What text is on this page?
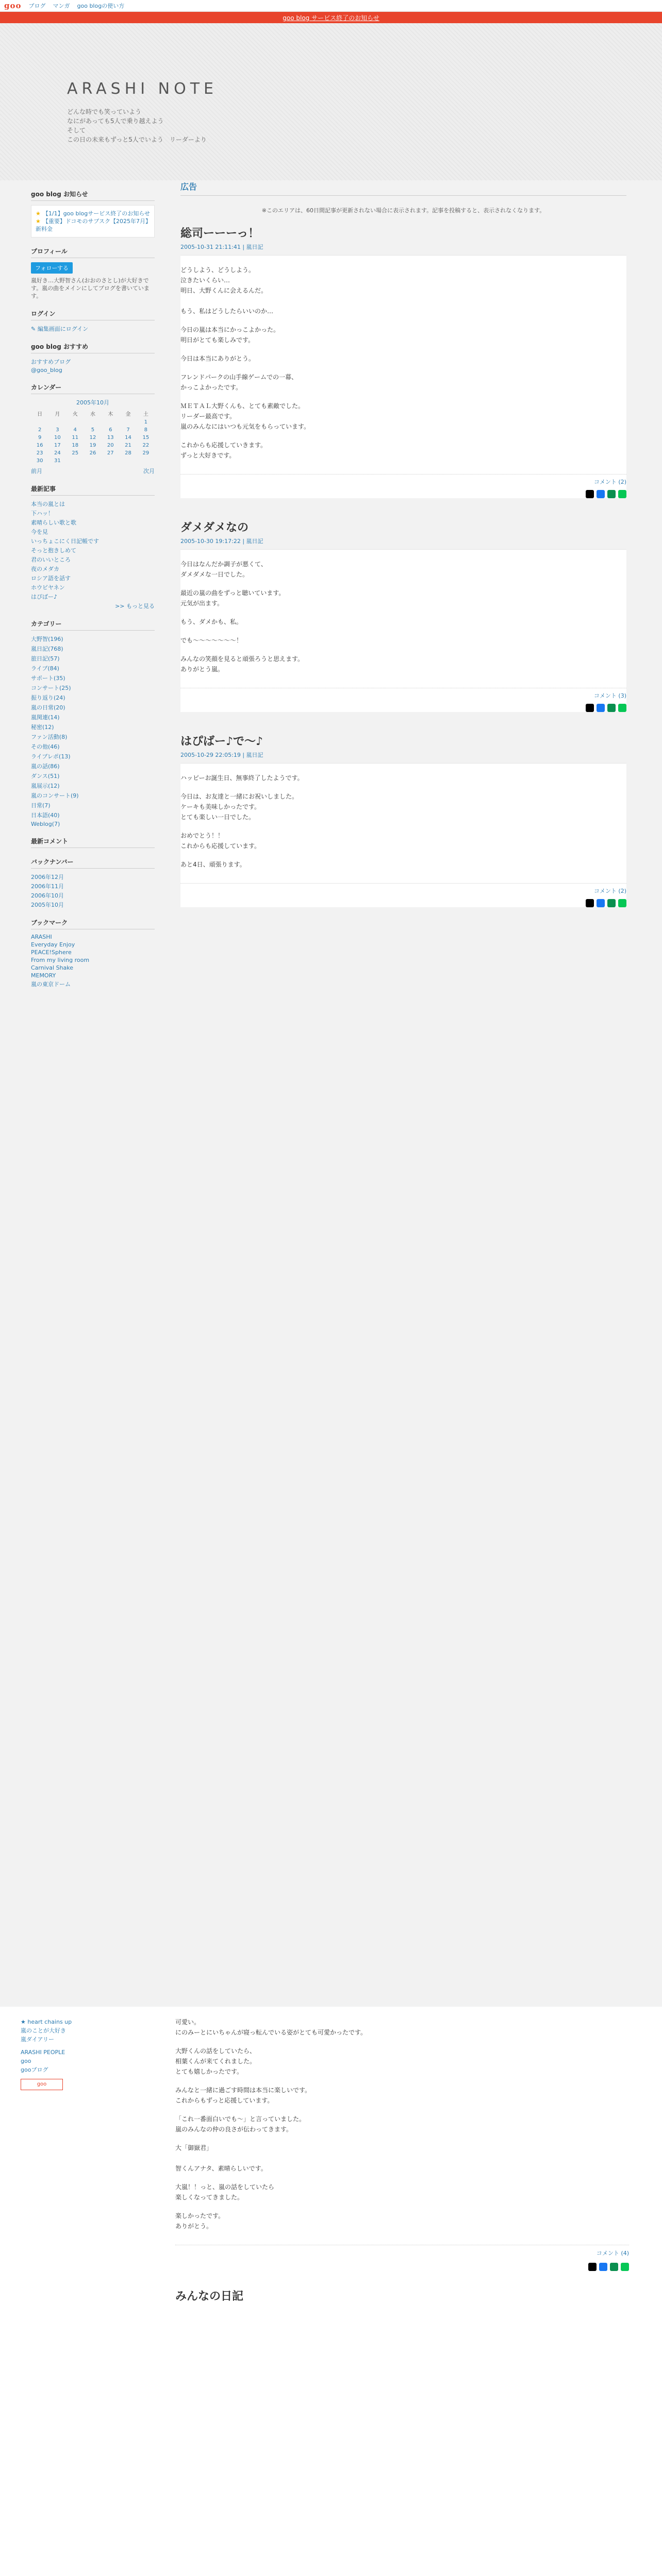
goo ブログ マンガ goo blogの使い方
goo blog サービス終了のお知らせ
ARASHI NOTE

どんな時でも笑っていよう

なにがあっても5人で乗り越えよう

そして

この日の未来もずっと5人でいよう　リーダーより

goo blog お知らせ
★ 【1/1】goo blogサービス終了のお知らせ
★ 【重要】ドコモのサブスク【2025年7月】新料金
プロフィール
フォローする
嵐好き…大野智さん(おおのさとし)が大好きです。嵐の曲をメインにしてブログを書いています。
ログイン
✎ 編集画面にログイン
goo blog おすすめ
おすすめブログ
@goo_blog
カレンダー
2005年10月
日	月	火	水	木	金	土
						1
2	3	4	5	6	7	8
9	10	11	12	13	14	15
16	17	18	19	20	21	22
23	24	25	26	27	28	29
30	31					
前月	次月
最新記事
本当の嵐とは
下ハッ！
素晴らしい歌と歌
今を見
いっちょこにく日記帳です
そっと抱きしめて
君のいいところ
夜のメダカ
ロシア語を話す
ホウビヤネン
はぴばー♪
>> もっと見る
カテゴリー
大野智(196)
嵐日記(768)
旅日記(57)
ライブ(84)
サポート(35)
コンサート(25)
振り返り(24)
嵐の日常(20)
嵐関連(14)
秘密(12)
ファン活動(8)
その他(46)
ライブレポ(13)
嵐の話(86)
ダンス(51)
嵐展示(12)
嵐のコンサート(9)
日常(7)
日本語(40)
Weblog(7)
最新コメント
バックナンバー
2006年12月
2006年11月
2006年10月
2005年10月
ブックマーク
ARASHI
Everyday Enjoy
PEACE!Sphere
From my living room
Carnival Shake
MEMORY
嵐の東京ドーム
広告
※このエリアは、60日間記事が更新されない場合に表示されます。記事を投稿すると、表示されなくなります。
総司ーーーっ！
2005-10-31 21:11:41 | 嵐日記

どうしよう、どうしよう。
泣きたいくらい…
明日、大野くんに会えるんだ。

もう、私はどうしたらいいのか…

今日の嵐は本当にかっこよかった。
明日がとても楽しみです。

今日は本当にありがとう。

フレンドパークの山手線ゲームでの一幕、
かっこよかったです。

ＭＥＴＡＬ大野くんも、とても素敵でした。
リーダー最高です。
嵐のみんなにはいつも元気をもらっています。

これからも応援していきます。
ずっと大好きです。

コメント (2)
ダメダメなの
2005-10-30 19:17:22 | 嵐日記

今日はなんだか調子が悪くて、
ダメダメな一日でした。

最近の嵐の曲をずっと聴いています。
元気が出ます。

もう、ダメかも、私。

でも〜〜〜〜〜〜〜！

みんなの笑顔を見ると頑張ろうと思えます。
ありがとう嵐。

コメント (3)
はぴばー♪で〜♪
2005-10-29 22:05:19 | 嵐日記

ハッピーお誕生日、無事終了したようです。

今日は、お友達と一緒にお祝いしました。
ケーキも美味しかったです。
とても楽しい一日でした。

おめでとう！！
これからも応援しています。

あと4日、頑張ります。

コメント (2)
★ heart chains up
嵐のことが大好き
嵐ダイアリー
ARASHI PEOPLE
goo
gooブログ
goo

可愛い。
にのみーとにいちゃんが寝っ転んでいる姿がとても可愛かったです。

大野くんの話をしていたら、
相葉くんが来てくれました。
とても嬉しかったです。

みんなと一緒に過ごす時間は本当に楽しいです。
これからもずっと応援しています。

「これ一番面白いでも〜」と言っていました。
嵐のみんなの仲の良さが伝わってきます。

大「御嶽君」

智くんアナタ、素晴らしいです。

大嵐！！っと、嵐の話をしていたら
楽しくなってきました。

楽しかったです。
ありがとう。

コメント (4)
みんなの日記
